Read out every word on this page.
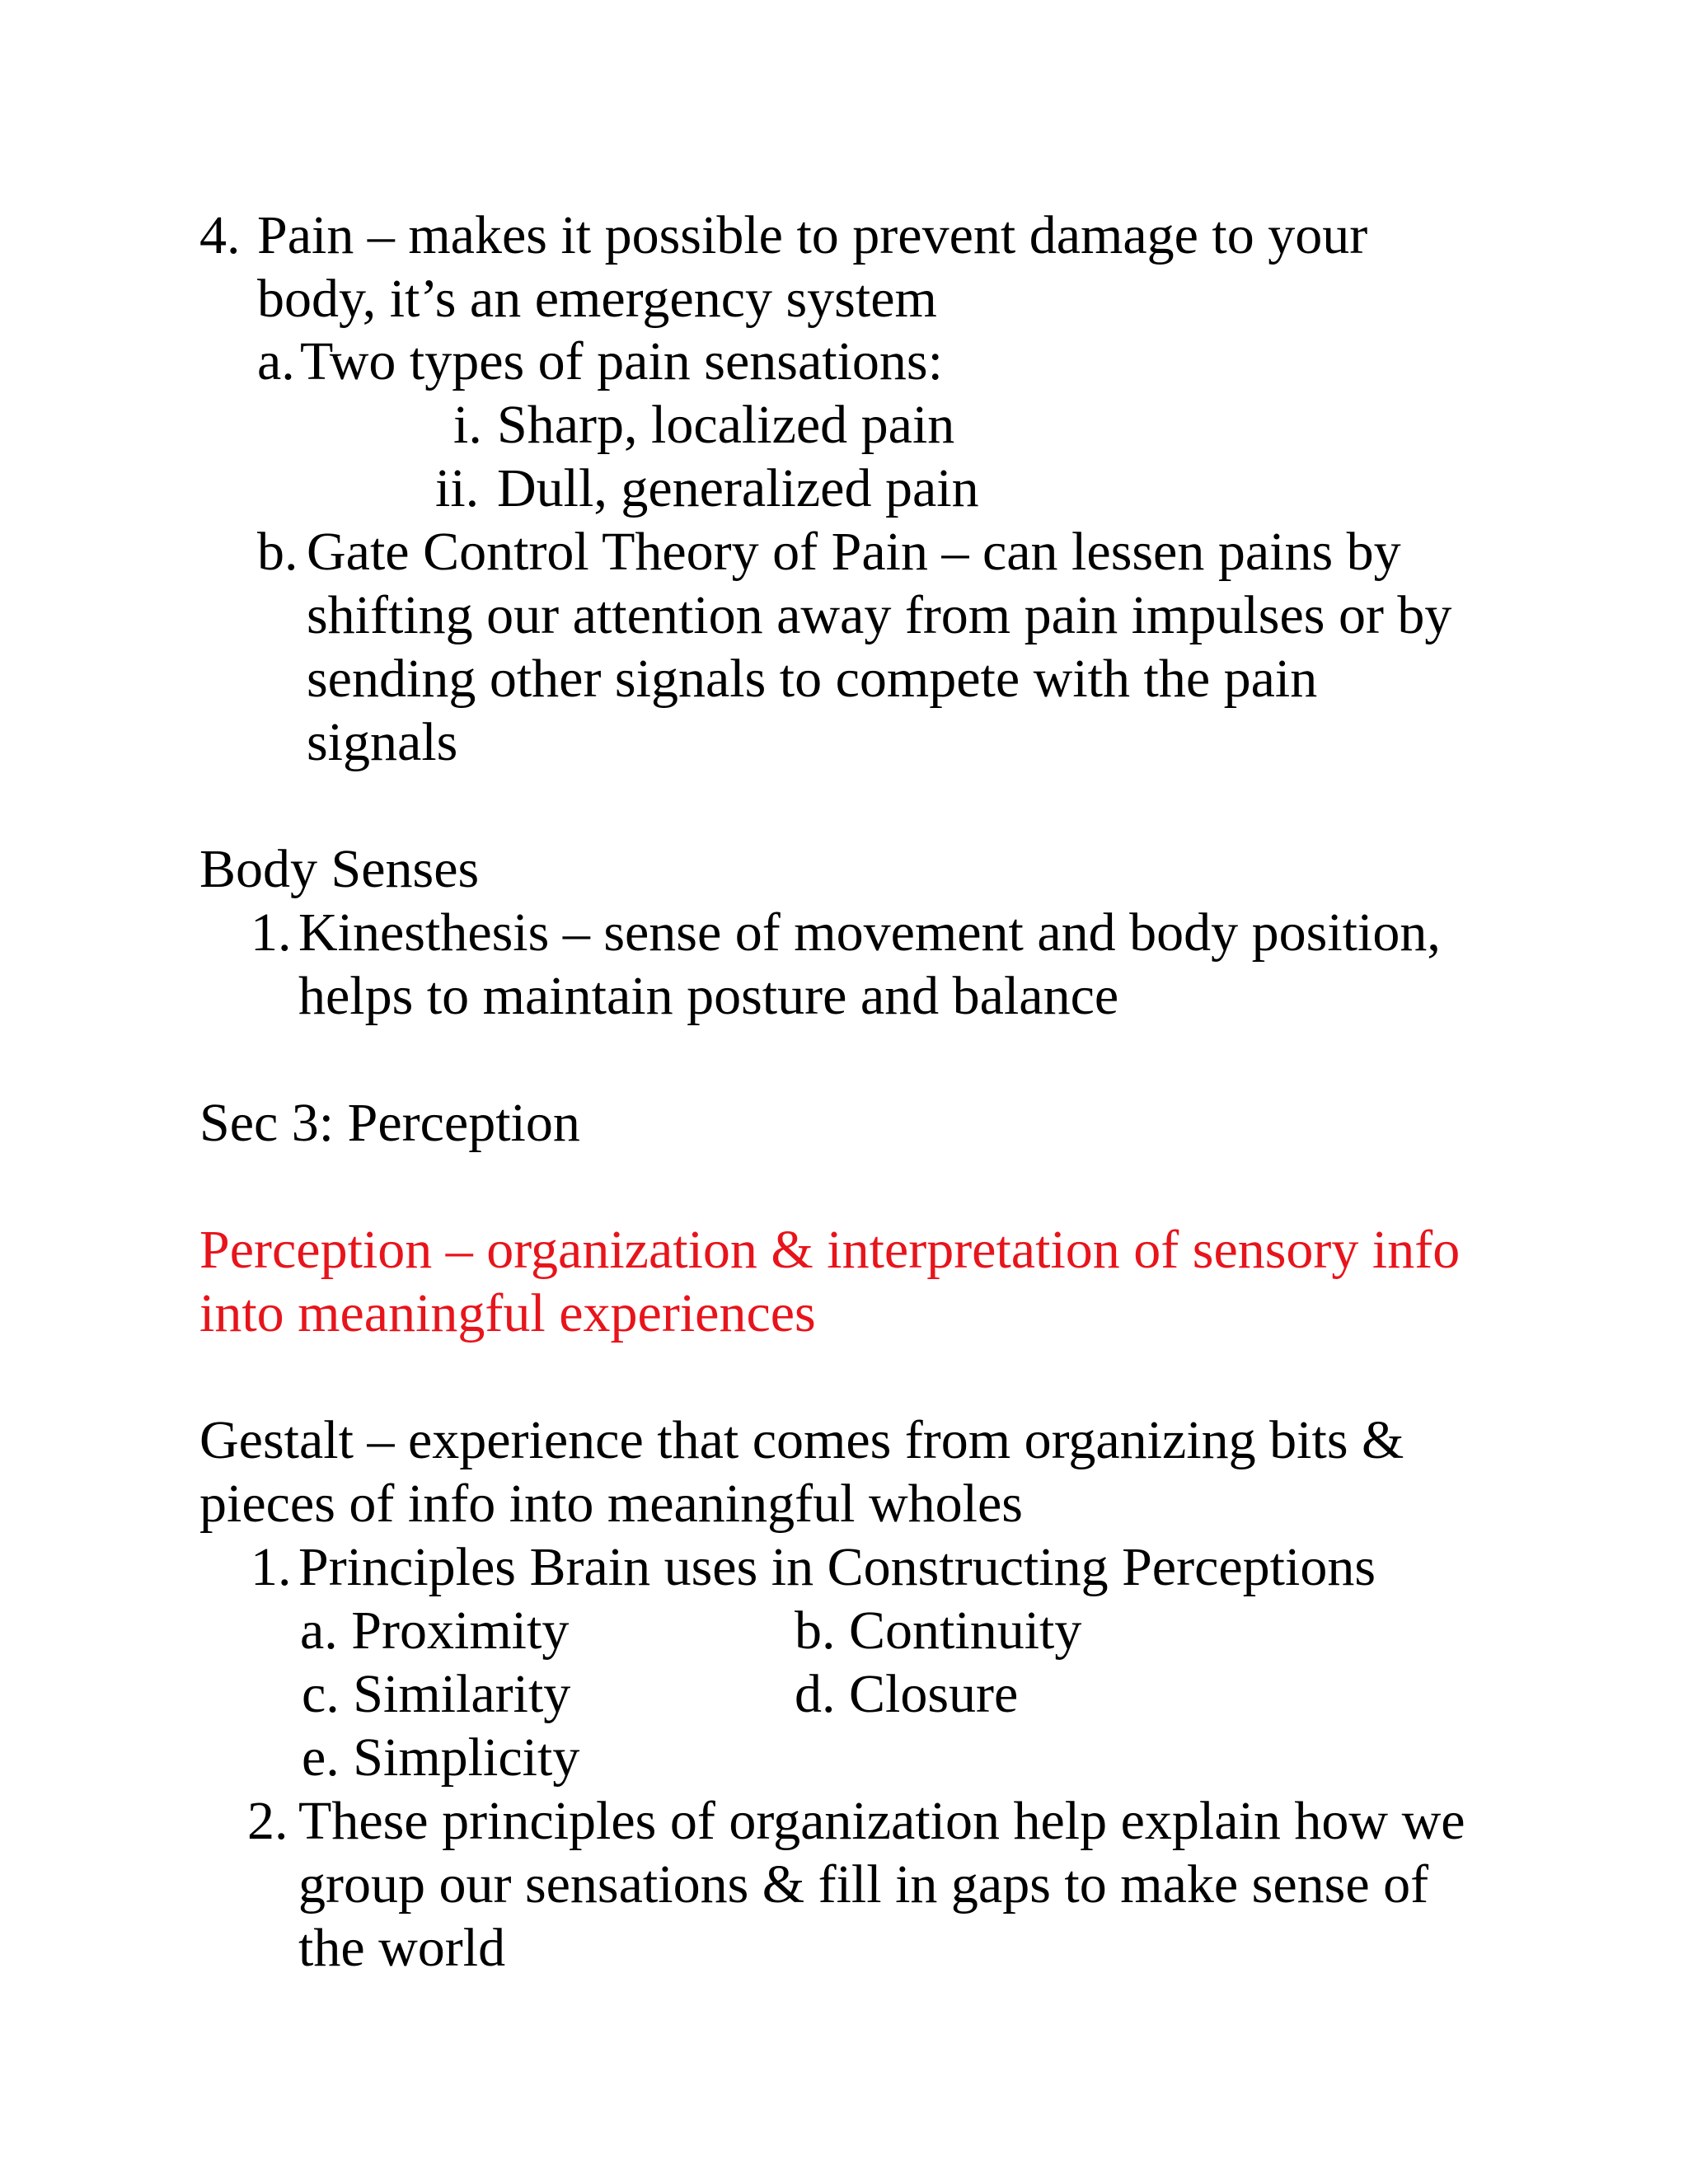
4. Pain – makes it possible to prevent damage to your

body, it’s an emergency system

a. Two types of pain sensations:

i. Sharp, localized pain

ii. Dull, generalized pain

b. Gate Control Theory of Pain – can lessen pains by

shifting our attention away from pain impulses or by

sending other signals to compete with the pain

signals

Body Senses

1. Kinesthesis – sense of movement and body position,

helps to maintain posture and balance

Sec 3: Perception

Perception – organization & interpretation of sensory info

into meaningful experiences

Gestalt – experience that comes from organizing bits &

pieces of info into meaningful wholes

1. Principles Brain uses in Constructing Perceptions

a. Proximity	b. Continuity

c. Similarity	d. Closure

e. Simplicity

2. These principles of organization help explain how we

group our sensations & fill in gaps to make sense of

the world
